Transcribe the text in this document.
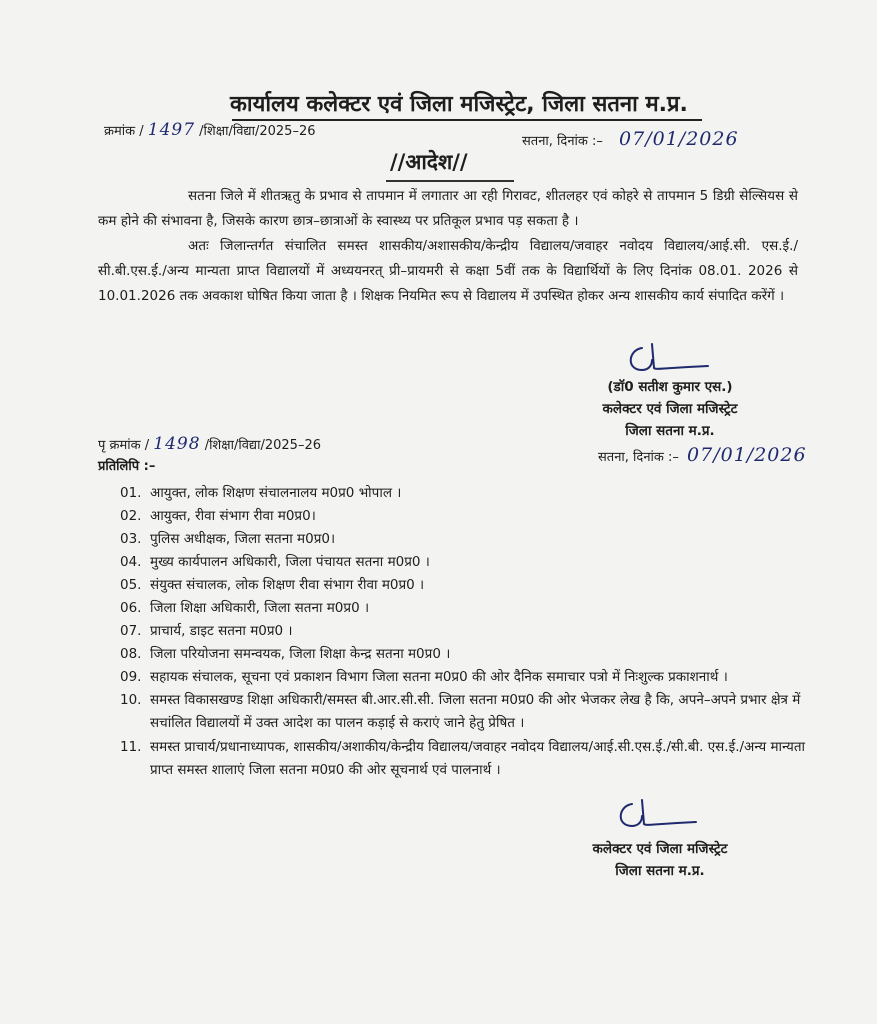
कार्यालय कलेक्टर एवं जिला मजिस्ट्रेट, जिला सतना म.प्र.
क्रमांक / 1497 /शिक्षा/विद्या/2025–26
सतना, दिनांक :– 07/01/2026
//आदेश//
सतना जिले में शीतऋतु के प्रभाव से तापमान में लगातार आ रही गिरावट, शीतलहर एवं कोहरे से तापमान 5 डिग्री सेल्सियस से कम होने की संभावना है, जिसके कारण छात्र–छात्राओं के स्वास्थ्य पर प्रतिकूल प्रभाव पड़ सकता है ।
अतः जिलान्तर्गत संचालित समस्त शासकीय/अशासकीय/केन्द्रीय विद्यालय/जवाहर नवोदय विद्यालय/आई.सी. एस.ई./सी.बी.एस.ई./अन्य मान्यता प्राप्त विद्यालयों में अध्ययनरत् प्री–प्रायमरी से कक्षा 5वीं तक के विद्यार्थियों के लिए दिनांक 08.01. 2026 से 10.01.2026 तक अवकाश घोषित किया जाता है । शिक्षक नियमित रूप से विद्यालय में उपस्थित होकर अन्य शासकीय कार्य संपादित करेंगें ।
(डॉ0 सतीश कुमार एस.)
कलेक्टर एवं जिला मजिस्ट्रेट
जिला सतना म.प्र.
सतना, दिनांक :– 07/01/2026
पृ क्रमांक / 1498 /शिक्षा/विद्या/2025–26
प्रतिलिपि :–
01. आयुक्त, लोक शिक्षण संचालनालय म0प्र0 भोपाल ।
02. आयुक्त, रीवा संभाग रीवा म0प्र0।
03. पुलिस अधीक्षक, जिला सतना म0प्र0।
04. मुख्य कार्यपालन अधिकारी, जिला पंचायत सतना म0प्र0 ।
05. संयुक्त संचालक, लोक शिक्षण रीवा संभाग रीवा म0प्र0 ।
06. जिला शिक्षा अधिकारी, जिला सतना म0प्र0 ।
07. प्राचार्य, डाइट सतना म0प्र0 ।
08. जिला परियोजना समन्वयक, जिला शिक्षा केन्द्र सतना म0प्र0 ।
09. सहायक संचालक, सूचना एवं प्रकाशन विभाग जिला सतना म0प्र0 की ओर दैनिक समाचार पत्रो में निःशुल्क प्रकाशनार्थ ।
10. समस्त विकासखण्ड शिक्षा अधिकारी/समस्त बी.आर.सी.सी. जिला सतना म0प्र0 की ओर भेजकर लेख है कि, अपने–अपने प्रभार क्षेत्र में सचांलित विद्यालयों में उक्त आदेश का पालन कड़ाई से कराएं जाने हेतु प्रेषित ।
11. समस्त प्राचार्य/प्रधानाध्यापक, शासकीय/अशाकीय/केन्द्रीय विद्यालय/जवाहर नवोदय विद्यालय/आई.सी.एस.ई./सी.बी. एस.ई./अन्य मान्यता प्राप्त समस्त शालाएं जिला सतना म0प्र0 की ओर सूचनार्थ एवं पालनार्थ ।
कलेक्टर एवं जिला मजिस्ट्रेट
जिला सतना म.प्र.
